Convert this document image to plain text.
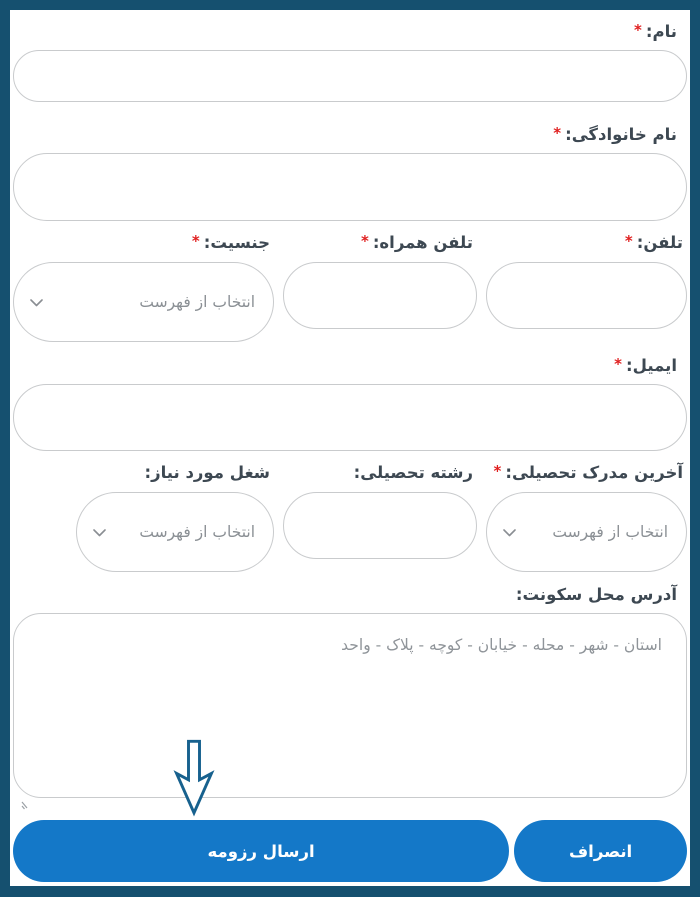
نام:*
نام خانوادگی:*
تلفن:*
تلفن همراه:*
جنسیت:*
انتخاب از فهرست
ایمیل:*
آخرین مدرک تحصیلی:*
انتخاب از فهرست
رشته تحصیلی:
شغل مورد نیاز:
انتخاب از فهرست
آدرس محل سکونت:
استان - شهر - محله - خیابان - کوچه - پلاک - واحد
انصراف
ارسال رزومه
